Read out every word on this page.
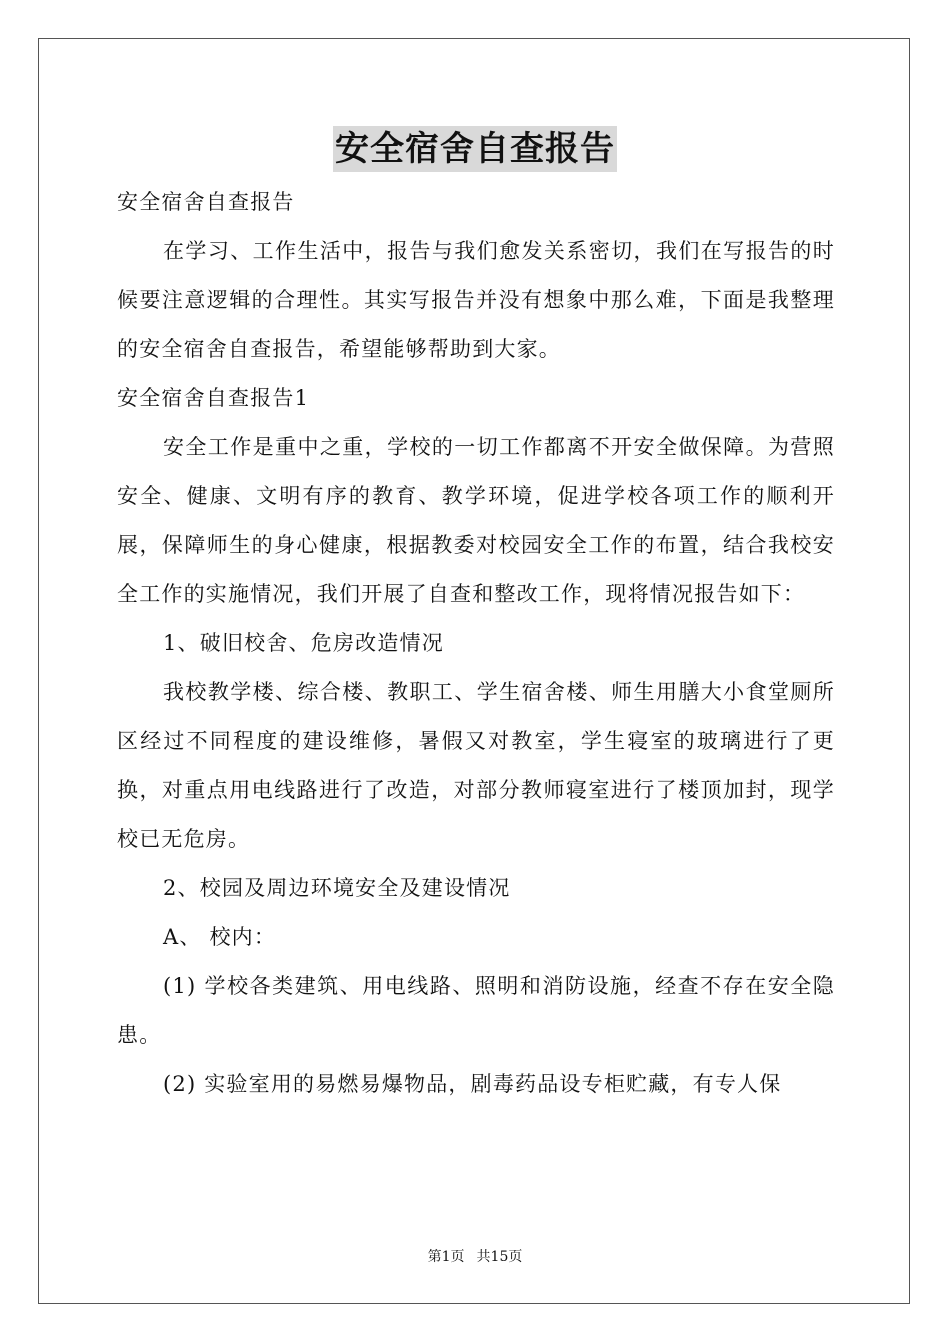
安全宿舍自查报告

安全宿舍自查报告

在学习、工作生活中，报告与我们愈发关系密切，我们在写报告的时候要注意逻辑的合理性。其实写报告并没有想象中那么难，下面是我整理的安全宿舍自查报告，希望能够帮助到大家。

安全宿舍自查报告1

安全工作是重中之重，学校的一切工作都离不开安全做保障。为营照安全、健康、文明有序的教育、教学环境，促进学校各项工作的顺利开展，保障师生的身心健康，根据教委对校园安全工作的布置，结合我校安全工作的实施情况，我们开展了自查和整改工作，现将情况报告如下：

1、破旧校舍、危房改造情况

我校教学楼、综合楼、教职工、学生宿舍楼、师生用膳大小食堂厕所区经过不同程度的建设维修，暑假又对教室，学生寝室的玻璃进行了更换，对重点用电线路进行了改造，对部分教师寝室进行了楼顶加封，现学校已无危房。

2、校园及周边环境安全及建设情况

A、 校内：

(1) 学校各类建筑、用电线路、照明和消防设施，经查不存在安全隐患。

(2) 实验室用的易燃易爆物品，剧毒药品设专柜贮藏，有专人保

第1页 共15页
